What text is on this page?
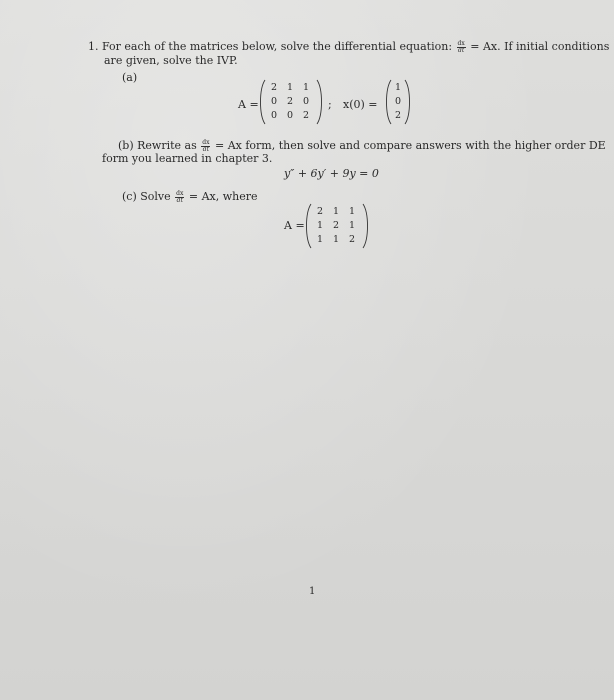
1. For each of the matrices below, solve the differential equation: $\frac{dx}{dt} = Ax$. If initial conditions
are given, solve the IVP.
(a)
A =
2 1 1
0 2 0
0 0 2
; x(0) =
1
0
2
(b) Rewrite as $\frac{dx}{dt} = Ax$ form, then solve and compare answers with the higher order DE
form you learned in chapter 3.
y″ + 6y′ + 9y = 0
(c) Solve $\frac{dx}{dt} = Ax$, where
A =
2 1 1
1 2 1
1 1 2
1
